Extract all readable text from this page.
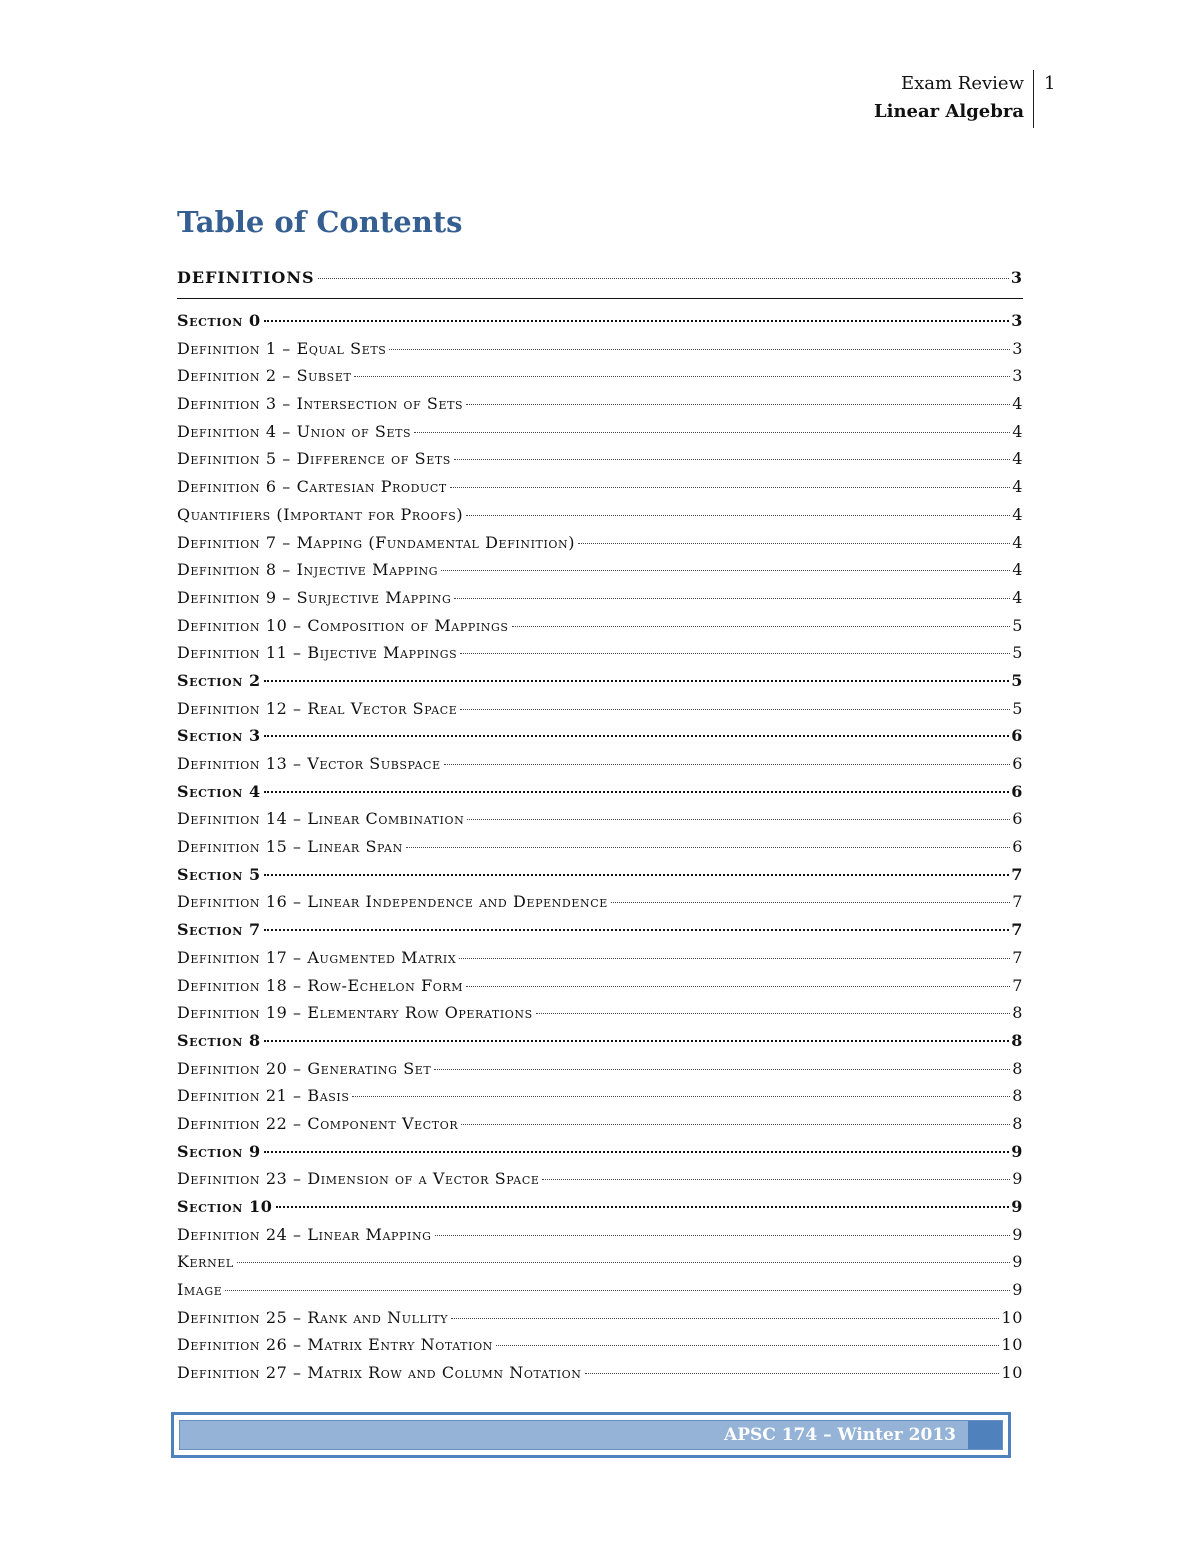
Exam Review
Linear Algebra
1
Table of Contents
DEFINITIONS	3
Section 0	3
Definition 1 – Equal Sets	3
Definition 2 – Subset	3
Definition 3 – Intersection of Sets	4
Definition 4 – Union of Sets	4
Definition 5 – Difference of Sets	4
Definition 6 – Cartesian Product	4
Quantifiers (Important for Proofs)	4
Definition 7 – Mapping (Fundamental Definition)	4
Definition 8 – Injective Mapping	4
Definition 9 – Surjective Mapping	4
Definition 10 – Composition of Mappings	5
Definition 11 – Bijective Mappings	5
Section 2	5
Definition 12 – Real Vector Space	5
Section 3	6
Definition 13 – Vector Subspace	6
Section 4	6
Definition 14 – Linear Combination	6
Definition 15 – Linear Span	6
Section 5	7
Definition 16 – Linear Independence and Dependence	7
Section 7	7
Definition 17 – Augmented Matrix	7
Definition 18 – Row-Echelon Form	7
Definition 19 – Elementary Row Operations	8
Section 8	8
Definition 20 – Generating Set	8
Definition 21 – Basis	8
Definition 22 – Component Vector	8
Section 9	9
Definition 23 – Dimension of a Vector Space	9
Section 10	9
Definition 24 – Linear Mapping	9
Kernel	9
Image	9
Definition 25 – Rank and Nullity	10
Definition 26 – Matrix Entry Notation	10
Definition 27 – Matrix Row and Column Notation	10
APSC 174 – Winter 2013
